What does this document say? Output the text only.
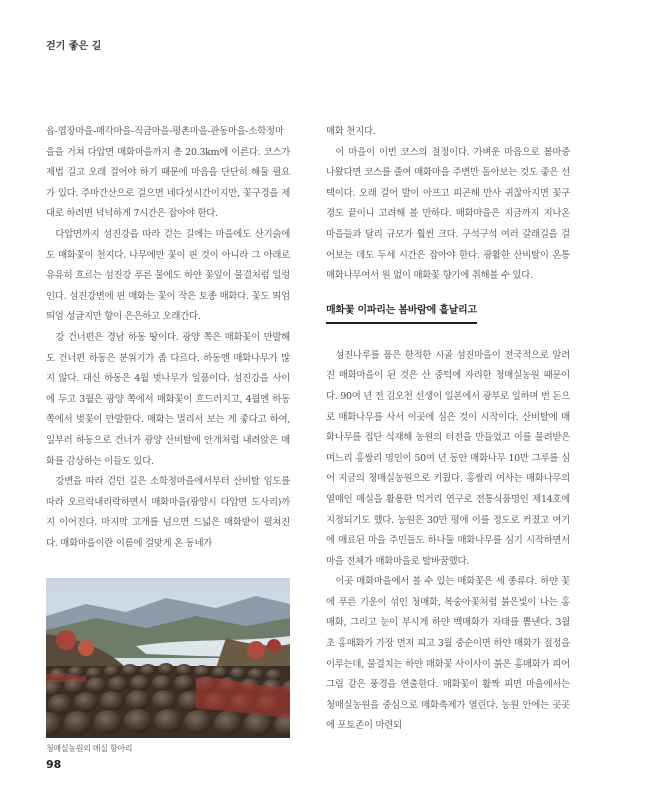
걷기 좋은 길

읍-엽장마을-매각마을-직금마을-평촌마을-관동마을-소학정마을을 거쳐 다압면 매화마을까지 총 20.3km에 이른다. 코스가 제법 길고 오래 걸어야 하기 때문에 마음을 단단히 해둘 필요가 있다. 주마간산으로 걸으면 네다섯시간이지만, 꽃구경을 제대로 하려면 넉넉하게 7시간은 잡아야 한다.

다압면까지 섬진강을 따라 걷는 길에는 마을에도 산기슭에도 매화꽃이 천지다. 나무에만 꽃이 핀 것이 아니라 그 아래로 유유히 흐르는 섬진강 푸른 물에도 하얀 꽃잎이 물결처럼 일렁인다. 섬진강변에 핀 매화는 꽃이 작은 토종 매화다. 꽃도 띄엄띄엄 성글지만 향이 은은하고 오래간다.

강 건너편은 경남 하동 땅이다. 광양 쪽은 매화꽃이 만발해도 건너편 하동은 분위기가 좀 다르다. 하동엔 매화나무가 많지 않다. 대신 하동은 4월 벚나무가 일품이다. 섬진강을 사이에 두고 3월은 광양 쪽에서 매화꽃이 흐드러지고, 4월엔 하동 쪽에서 벚꽃이 만발한다. 매화는 멀리서 보는 게 좋다고 하여, 일부러 하동으로 건너가 광양 산비탈에 안개처럼 내려앉은 매화를 감상하는 이들도 있다.

강변을 따라 걷던 길은 소학정마을에서부터 산비탈 임도를 따라 오르락내리락하면서 매화마을(광양시 다압면 도사리)까지 이어진다. 마지막 고개를 넘으면 드넓은 매화밭이 펼쳐진다. 매화마을이란 이름에 걸맞게 온 동네가

청매실농원의 매실 항아리

매화 천지다.

이 마을이 이번 코스의 절정이다. 가벼운 마음으로 봄마중 나왔다면 코스를 줄여 매화마을 주변만 돌아보는 것도 좋은 선택이다. 오래 걸어 발이 아프고 피곤해 만사 귀찮아지면 꽃구경도 끝이니 고려해 볼 만하다. 매화마을은 지금까지 지나온 마을들과 달리 규모가 훨씬 크다. 구석구석 여러 갈래길을 걸어보는 데도 두세 시간은 잡아야 한다. 광활한 산비탈이 온통 매화나무여서 원 없이 매화꽃 향기에 취해볼 수 있다.

매화꽃 이파리는 봄바람에 흩날리고

섬진나루를 품은 한적한 시골 섬진마을이 전국적으로 알려진 매화마을이 된 것은 산 중턱에 자리한 청매실농원 때문이다. 90여 년 전 김오천 선생이 일본에서 광부로 일하며 번 돈으로 매화나무를 사서 이곳에 심은 것이 시작이다. 산비탈에 매화나무를 집단 식재해 농원의 터전을 만들었고 이를 물려받은 며느리 홍쌍리 명인이 50여 년 동안 매화나무 10만 그루를 심어 지금의 청매실농원으로 키웠다. 홍쌍리 여사는 매화나무의 열매인 매실을 활용한 먹거리 연구로 전통식품명인 제14호에 지정되기도 했다. 농원은 30만 평에 이를 정도로 커졌고 여기에 매료된 마을 주민들도 하나둘 매화나무를 심기 시작하면서 마을 전체가 매화마을로 탈바꿈했다.

이곳 매화마을에서 볼 수 있는 매화꽃은 세 종류다. 하얀 꽃에 푸른 기운이 섞인 청매화, 복숭아꽃처럼 붉은빛이 나는 홍매화, 그리고 눈이 부시게 하얀 백매화가 자태를 뽐낸다. 3월 초 홍매화가 가장 먼저 피고 3월 중순이면 하얀 매화가 절정을 이루는데, 물결치는 하얀 매화꽃 사이사이 붉은 홍매화가 피어 그림 같은 풍경을 연출한다. 매화꽃이 활짝 피면 마을에서는 청매실농원을 중심으로 매화축제가 열린다. 농원 안에는 곳곳에 포토존이 마련되

98
